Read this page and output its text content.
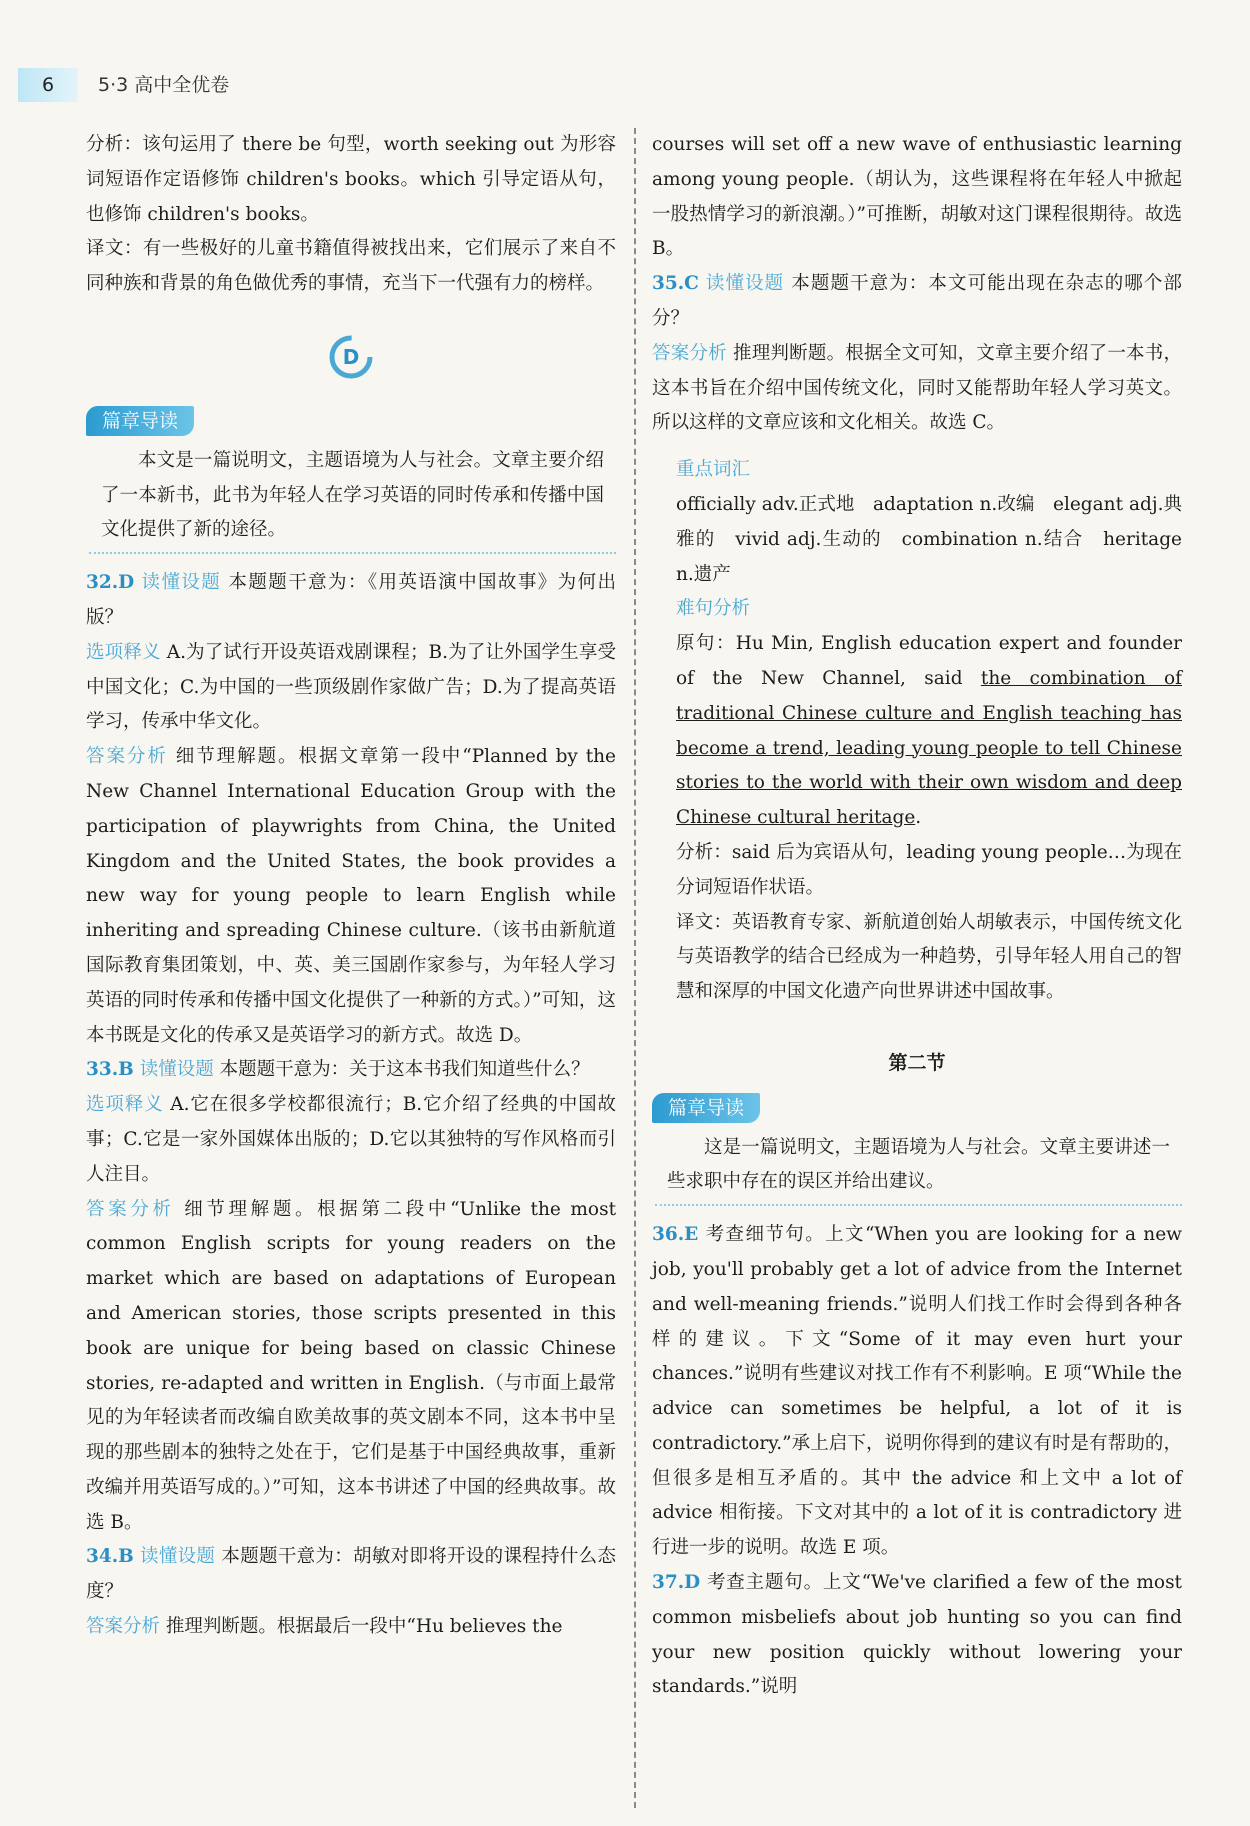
6	5·3 高中全优卷

分析：该句运用了 there be 句型，worth seeking out 为形容词短语作定语修饰 children's books。which 引导定语从句，也修饰 children's books。

译文：有一些极好的儿童书籍值得被找出来，它们展示了来自不同种族和背景的角色做优秀的事情，充当下一代强有力的榜样。

D
篇章导读

本文是一篇说明文，主题语境为人与社会。文章主要介绍了一本新书，此书为年轻人在学习英语的同时传承和传播中国文化提供了新的途径。

32.D 读懂设题 本题题干意为：《用英语演中国故事》为何出版？

选项释义 A.为了试行开设英语戏剧课程；B.为了让外国学生享受中国文化；C.为中国的一些顶级剧作家做广告；D.为了提高英语学习，传承中华文化。

答案分析 细节理解题。根据文章第一段中“Planned by the New Channel International Education Group with the participation of playwrights from China, the United Kingdom and the United States, the book provides a new way for young people to learn English while inheriting and spreading Chinese culture.（该书由新航道国际教育集团策划，中、英、美三国剧作家参与，为年轻人学习英语的同时传承和传播中国文化提供了一种新的方式。）”可知，这本书既是文化的传承又是英语学习的新方式。故选 D。

33.B 读懂设题 本题题干意为：关于这本书我们知道些什么？

选项释义 A.它在很多学校都很流行；B.它介绍了经典的中国故事；C.它是一家外国媒体出版的；D.它以其独特的写作风格而引人注目。

答案分析 细节理解题。根据第二段中“Unlike the most common English scripts for young readers on the market which are based on adaptations of European and American stories, those scripts presented in this book are unique for being based on classic Chinese stories, re-adapted and written in English.（与市面上最常见的为年轻读者而改编自欧美故事的英文剧本不同，这本书中呈现的那些剧本的独特之处在于，它们是基于中国经典故事，重新改编并用英语写成的。）”可知，这本书讲述了中国的经典故事。故选 B。

34.B 读懂设题 本题题干意为：胡敏对即将开设的课程持什么态度？

答案分析 推理判断题。根据最后一段中“Hu believes the

courses will set off a new wave of enthusiastic learning among young people.（胡认为，这些课程将在年轻人中掀起一股热情学习的新浪潮。）”可推断，胡敏对这门课程很期待。故选 B。

35.C 读懂设题 本题题干意为：本文可能出现在杂志的哪个部分？

答案分析 推理判断题。根据全文可知，文章主要介绍了一本书，这本书旨在介绍中国传统文化，同时又能帮助年轻人学习英文。所以这样的文章应该和文化相关。故选 C。

重点词汇

officially adv.正式地　adaptation n.改编　elegant adj.典雅的　vivid adj.生动的　combination n.结合　heritage n.遗产

难句分析

原句：Hu Min, English education expert and founder of the New Channel, said the combination of traditional Chinese culture and English teaching has become a trend, leading young people to tell Chinese stories to the world with their own wisdom and deep Chinese cultural heritage.

分析：said 后为宾语从句，leading young people…为现在分词短语作状语。

译文：英语教育专家、新航道创始人胡敏表示，中国传统文化与英语教学的结合已经成为一种趋势，引导年轻人用自己的智慧和深厚的中国文化遗产向世界讲述中国故事。

第二节

篇章导读

这是一篇说明文，主题语境为人与社会。文章主要讲述一些求职中存在的误区并给出建议。

36.E 考查细节句。上文“When you are looking for a new job, you'll probably get a lot of advice from the Internet and well-meaning friends.”说明人们找工作时会得到各种各样的建议。下文“Some of it may even hurt your chances.”说明有些建议对找工作有不利影响。E 项“While the advice can sometimes be helpful, a lot of it is contradictory.”承上启下，说明你得到的建议有时是有帮助的，但很多是相互矛盾的。其中 the advice 和上文中 a lot of advice 相衔接。下文对其中的 a lot of it is contradictory 进行进一步的说明。故选 E 项。

37.D 考查主题句。上文“We've clarified a few of the most common misbeliefs about job hunting so you can find your new position quickly without lowering your standards.”说明
